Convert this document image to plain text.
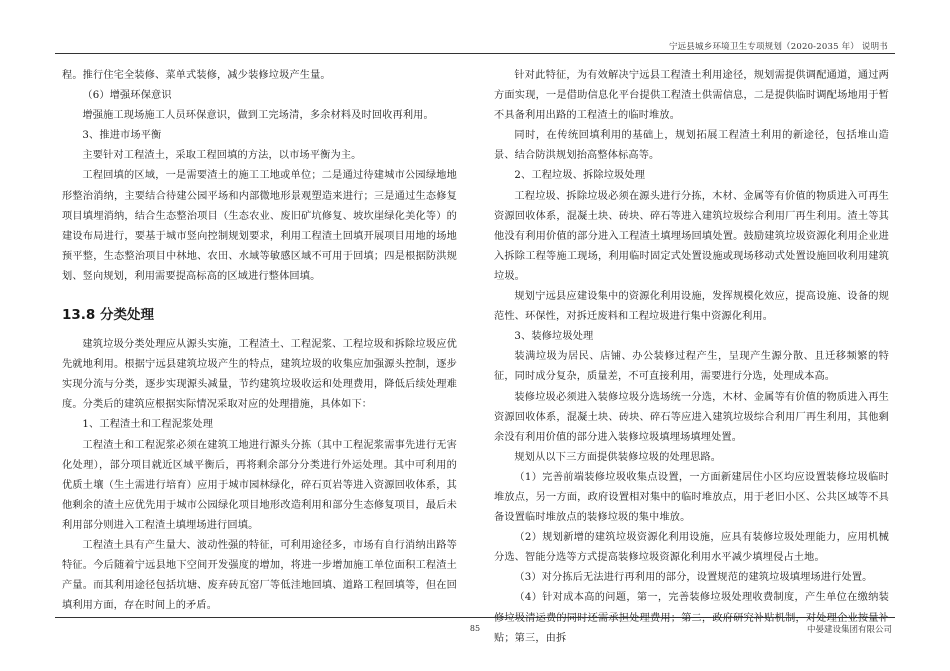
宁远县城乡环境卫生专项规划（2020-2035 年） 说明书

程。推行住宅全装修、菜单式装修，减少装修垃圾产生量。

（6）增强环保意识

增强施工现场施工人员环保意识，做到工完场清，多余材料及时回收再利用。

3、推进市场平衡

主要针对工程渣土，采取工程回填的方法，以市场平衡为主。

工程回填的区域，一是需要渣土的施工工地或单位；二是通过待建城市公园绿地地形整治消纳，主要结合待建公园平场和内部微地形景观塑造来进行；三是通过生态修复项目填埋消纳，结合生态整治项目（生态农业、废旧矿坑修复、坡坎崖绿化美化等）的建设布局进行，要基于城市竖向控制规划要求，利用工程渣土回填开展项目用地的场地预平整，生态整治项目中林地、农田、水域等敏感区域不可用于回填；四是根据防洪规划、竖向规划，利用需要提高标高的区域进行整体回填。

13.8 分类处理

建筑垃圾分类处理应从源头实施，工程渣土、工程泥浆、工程垃圾和拆除垃圾应优先就地利用。根据宁远县建筑垃圾产生的特点，建筑垃圾的收集应加强源头控制，逐步实现分流与分类，逐步实现源头减量，节约建筑垃圾收运和处理费用，降低后续处理难度。分类后的建筑应根据实际情况采取对应的处理措施，具体如下：

1、工程渣土和工程泥浆处理

工程渣土和工程泥浆必须在建筑工地进行源头分拣（其中工程泥浆需事先进行无害化处理），部分项目就近区域平衡后，再将剩余部分分类进行外运处理。其中可利用的优质土壤（生土需进行培育）应用于城市园林绿化，碎石页岩等进入资源回收体系，其他剩余的渣土应优先用于城市公园绿化项目地形改造利用和部分生态修复项目，最后未利用部分则进入工程渣土填埋场进行回填。

工程渣土具有产生量大、波动性强的特征，可利用途径多，市场有自行消纳出路等特征。今后随着宁远县地下空间开发强度的增加，将进一步增加施工单位面积工程渣土产量。而其利用途径包括坑塘、废弃砖瓦窑厂等低洼地回填、道路工程回填等，但在回填利用方面，存在时间上的矛盾。

针对此特征，为有效解决宁远县工程渣土利用途径，规划需提供调配通道，通过两方面实现，一是借助信息化平台提供工程渣土供需信息，二是提供临时调配场地用于暂不具备利用出路的工程渣土的临时堆放。

同时，在传统回填利用的基础上，规划拓展工程渣土利用的新途径，包括堆山造景、结合防洪规划抬高整体标高等。

2、工程垃圾、拆除垃圾处理

工程垃圾、拆除垃圾必须在源头进行分拣，木材、金属等有价值的物质进入可再生资源回收体系，混凝土块、砖块、碎石等进入建筑垃圾综合利用厂再生利用。渣土等其他没有利用价值的部分进入工程渣土填埋场回填处置。鼓励建筑垃圾资源化利用企业进入拆除工程等施工现场，利用临时固定式处置设施或现场移动式处置设施回收利用建筑垃圾。

规划宁远县应建设集中的资源化利用设施，发挥规模化效应，提高设施、设备的规范性、环保性，对拆迁废料和工程垃圾进行集中资源化利用。

3、装修垃圾处理

装满垃圾为居民、店铺、办公装修过程产生，呈现产生源分散、且迁移频繁的特征，同时成分复杂，质量差，不可直接利用，需要进行分选，处理成本高。

装修垃圾必须进入装修垃圾分选场统一分选，木材、金属等有价值的物质进入再生资源回收体系，混凝土块、砖块、碎石等应进入建筑垃圾综合利用厂再生利用，其他剩余没有利用价值的部分进入装修垃圾填埋场填埋处置。

规划从以下三方面提供装修垃圾的处理思路。

（1）完善前端装修垃圾收集点设置，一方面新建居住小区均应设置装修垃圾临时堆放点，另一方面，政府设置相对集中的临时堆放点，用于老旧小区、公共区域等不具备设置临时堆放点的装修垃圾的集中堆放。

（2）规划新增的建筑垃圾资源化利用设施，应具有装修垃圾处理能力，应用机械分选、智能分选等方式提高装修垃圾资源化利用水平减少填埋侵占土地。

（3）对分拣后无法进行再利用的部分，设置规范的建筑垃圾填埋场进行处置。

（4）针对成本高的问题，第一，完善装修垃圾处理收费制度，产生单位在缴纳装修垃圾清运费的同时还需承担处理费用；第二，政府研究补贴机制，对处理企业按量补贴；第三，由拆

85	中晏建设集团有限公司
